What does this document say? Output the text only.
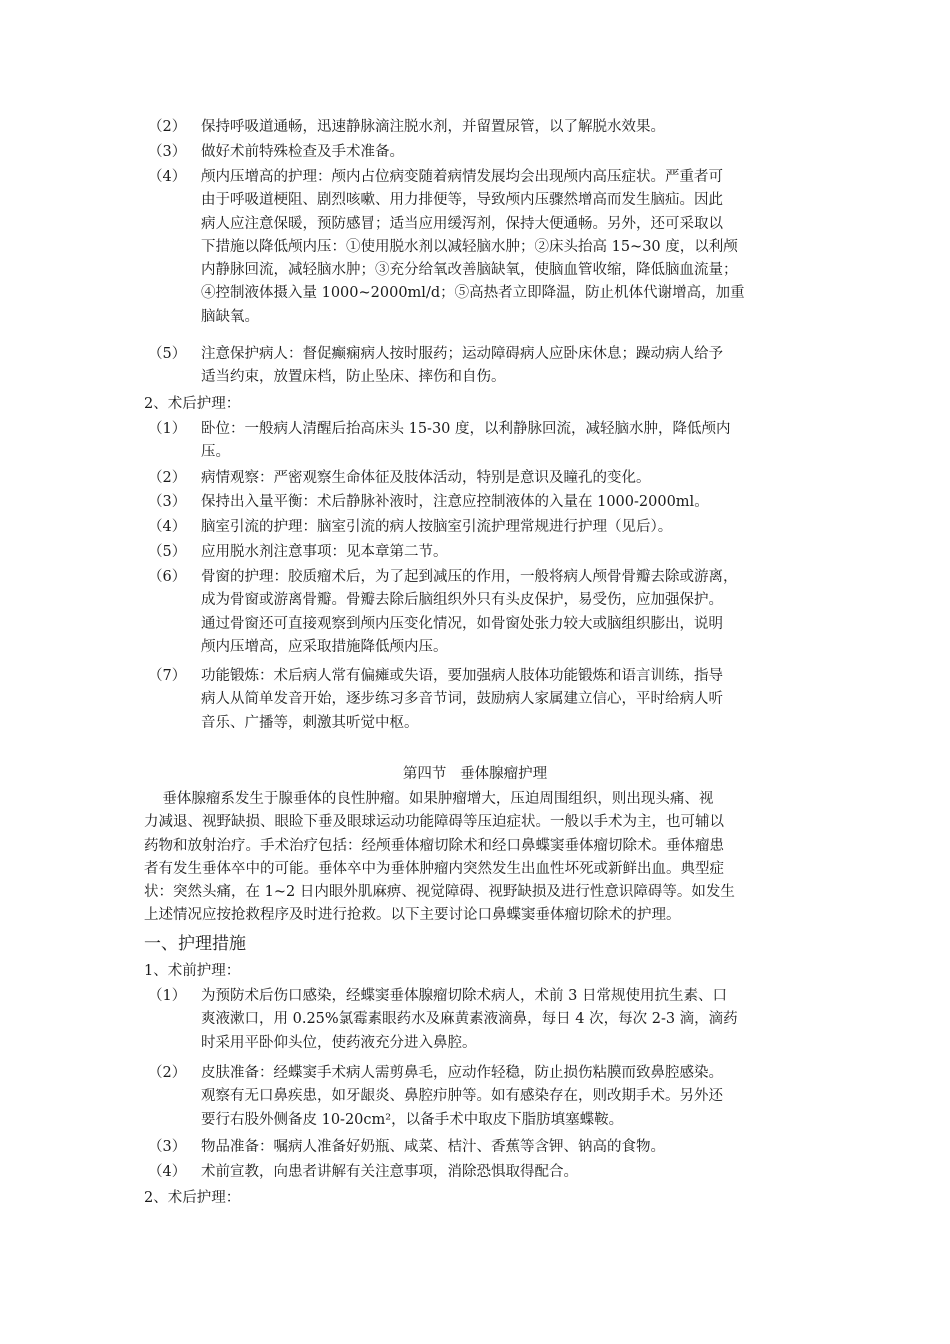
（2） 保持呼吸道通畅，迅速静脉滴注脱水剂，并留置尿管，以了解脱水效果。
（3） 做好术前特殊检查及手术准备。
（4） 颅内压增高的护理：颅内占位病变随着病情发展均会出现颅内高压症状。严重者可
由于呼吸道梗阻、剧烈咳嗽、用力排便等，导致颅内压骤然增高而发生脑疝。因此
病人应注意保暖，预防感冒；适当应用缓泻剂，保持大便通畅。另外，还可采取以
下措施以降低颅内压：①使用脱水剂以减轻脑水肿；②床头抬高 15~30 度，以利颅
内静脉回流，减轻脑水肿；③充分给氧改善脑缺氧，使脑血管收缩，降低脑血流量；
④控制液体摄入量 1000~2000ml/d；⑤高热者立即降温，防止机体代谢增高，加重
脑缺氧。
（5） 注意保护病人：督促癫痫病人按时服药；运动障碍病人应卧床休息；躁动病人给予
适当约束，放置床档，防止坠床、摔伤和自伤。
2、术后护理：
（1） 卧位：一般病人清醒后抬高床头 15-30 度，以利静脉回流，减轻脑水肿，降低颅内
压。
（2） 病情观察：严密观察生命体征及肢体活动，特别是意识及瞳孔的变化。
（3） 保持出入量平衡：术后静脉补液时，注意应控制液体的入量在 1000-2000ml。
（4） 脑室引流的护理：脑室引流的病人按脑室引流护理常规进行护理（见后）。
（5） 应用脱水剂注意事项：见本章第二节。
（6） 骨窗的护理：胶质瘤术后，为了起到减压的作用，一般将病人颅骨骨瓣去除或游离，
成为骨窗或游离骨瓣。骨瓣去除后脑组织外只有头皮保护，易受伤，应加强保护。
通过骨窗还可直接观察到颅内压变化情况，如骨窗处张力较大或脑组织膨出，说明
颅内压增高，应采取措施降低颅内压。
（7） 功能锻炼：术后病人常有偏瘫或失语，要加强病人肢体功能锻炼和语言训练，指导
病人从简单发音开始，逐步练习多音节词，鼓励病人家属建立信心，平时给病人听
音乐、广播等，刺激其听觉中枢。
第四节   垂体腺瘤护理
垂体腺瘤系发生于腺垂体的良性肿瘤。如果肿瘤增大，压迫周围组织，则出现头痛、视
力减退、视野缺损、眼睑下垂及眼球运动功能障碍等压迫症状。一般以手术为主，也可辅以
药物和放射治疗。手术治疗包括：经颅垂体瘤切除术和经口鼻蝶窦垂体瘤切除术。垂体瘤患
者有发生垂体卒中的可能。垂体卒中为垂体肿瘤内突然发生出血性坏死或新鲜出血。典型症
状：突然头痛，在 1~2 日内眼外肌麻痹、视觉障碍、视野缺损及进行性意识障碍等。如发生
上述情况应按抢救程序及时进行抢救。以下主要讨论口鼻蝶窦垂体瘤切除术的护理。
一、护理措施
1、术前护理：
（1） 为预防术后伤口感染，经蝶窦垂体腺瘤切除术病人，术前 3 日常规使用抗生素、口
爽液漱口，用 0.25%氯霉素眼药水及麻黄素液滴鼻，每日 4 次，每次 2-3 滴，滴药
时采用平卧仰头位，使药液充分进入鼻腔。
（2） 皮肤准备：经蝶窦手术病人需剪鼻毛，应动作轻稳，防止损伤粘膜而致鼻腔感染。
观察有无口鼻疾患，如牙龈炎、鼻腔疖肿等。如有感染存在，则改期手术。另外还
要行右股外侧备皮 10-20cm²，以备手术中取皮下脂肪填塞蝶鞍。
（3） 物品准备：嘱病人准备好奶瓶、咸菜、桔汁、香蕉等含钾、钠高的食物。
（4） 术前宣教，向患者讲解有关注意事项，消除恐惧取得配合。
2、术后护理：
